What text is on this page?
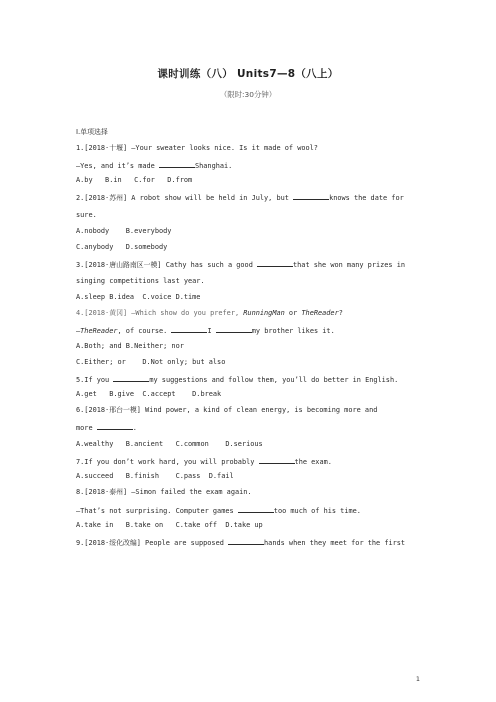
课时训练（八） Units7—8（八上）
（限时:30分钟）

Ⅰ.单项选择

1.[2018·十堰] —Your sweater looks nice. Is it made of wool?

—Yes, and it’s made	Shanghai.

A.by   B.in   C.for   D.from

2.[2018·苏州] A robot show will be held in July, but	knows the date for
sure.

A.nobody    B.everybody

C.anybody   D.somebody

3.[2018·唐山路南区一模] Cathy has such a good	that she won many prizes in
singing competitions last year.

A.sleep B.idea  C.voice D.time

4.[2018·黄冈] —Which show do you prefer, RunningMan or TheReader?

—TheReader, of course.	I	my brother likes it.

A.Both; and B.Neither; nor

C.Either; or    D.Not only; but also

5.If you	my suggestions and follow them, you’ll do better in English.

A.get   B.give  C.accept    D.break

6.[2018·邢台一模] Wind power, a kind of clean energy, is becoming more and
more	.

A.wealthy   B.ancient   C.common    D.serious

7.If you don’t work hard, you will probably	the exam.

A.succeed   B.finish    C.pass  D.fail

8.[2018·泰州] —Simon failed the exam again.

—That’s not surprising. Computer games	too much of his time.

A.take in   B.take on   C.take off  D.take up

9.[2018·绥化改编] People are supposed	hands when they meet for the first

1
